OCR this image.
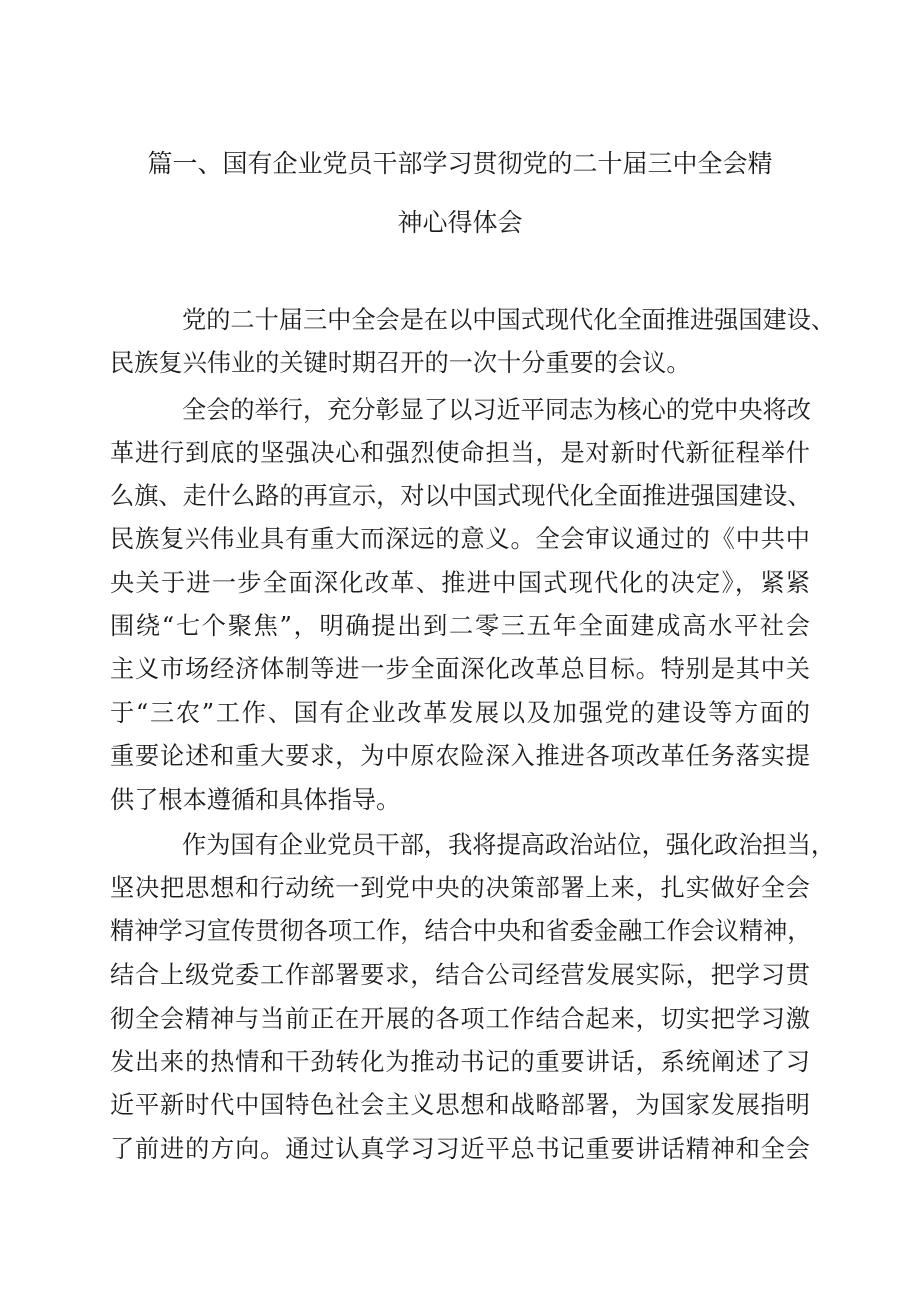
篇一、国有企业党员干部学习贯彻党的二十届三中全会精
神心得体会
党的二十届三中全会是在以中国式现代化全面推进强国建设、
民族复兴伟业的关键时期召开的一次十分重要的会议。
全会的举行，充分彰显了以习近平同志为核心的党中央将改
革进行到底的坚强决心和强烈使命担当，是对新时代新征程举什
么旗、走什么路的再宣示，对以中国式现代化全面推进强国建设、
民族复兴伟业具有重大而深远的意义。全会审议通过的《中共中
央关于进一步全面深化改革、推进中国式现代化的决定》，紧紧
围绕“七个聚焦”，明确提出到二零三五年全面建成高水平社会
主义市场经济体制等进一步全面深化改革总目标。特别是其中关
于“三农”工作、国有企业改革发展以及加强党的建设等方面的
重要论述和重大要求，为中原农险深入推进各项改革任务落实提
供了根本遵循和具体指导。
作为国有企业党员干部，我将提高政治站位，强化政治担当，
坚决把思想和行动统一到党中央的决策部署上来，扎实做好全会
精神学习宣传贯彻各项工作，结合中央和省委金融工作会议精神，
结合上级党委工作部署要求，结合公司经营发展实际，把学习贯
彻全会精神与当前正在开展的各项工作结合起来，切实把学习激
发出来的热情和干劲转化为推动书记的重要讲话，系统阐述了习
近平新时代中国特色社会主义思想和战略部署，为国家发展指明
了前进的方向。通过认真学习习近平总书记重要讲话精神和全会
